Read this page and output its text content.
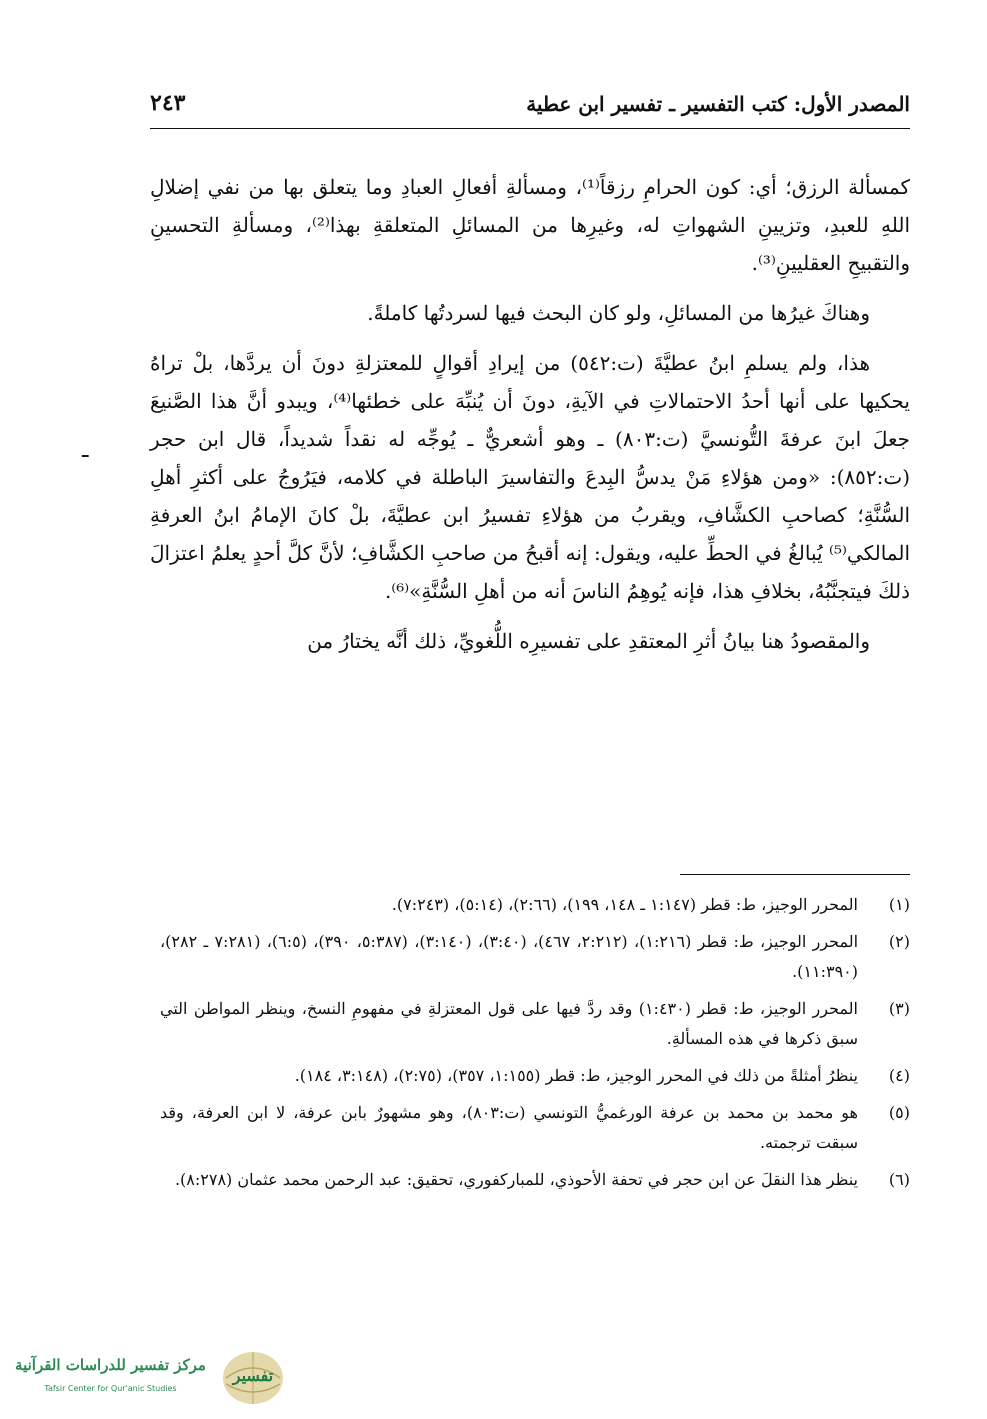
المصدر الأول: كتب التفسير ـ تفسير ابن عطية
٢٤٣

كمسألة الرزق؛ أي: كون الحرامِ رزقاً⁽¹⁾، ومسألةِ أفعالِ العبادِ وما يتعلق بها من نفي إضلالِ اللهِ للعبدِ، وتزيينِ الشهواتِ له، وغيرِها من المسائلِ المتعلقةِ بهذا⁽²⁾، ومسألةِ التحسينِ والتقبيحِ العقليينِ⁽³⁾.

وهناكَ غيرُها من المسائلِ، ولو كان البحث فيها لسردتُها كاملةً.

هذا، ولم يسلمِ ابنُ عطيَّةَ (ت:٥٤٢) من إيرادِ أقوالٍ للمعتزلةِ دونَ أن يردَّها، بلْ تراهُ يحكيها على أنها أحدُ الاحتمالاتِ في الآيةِ، دونَ أن يُنبِّهَ على خطئها⁽⁴⁾، ويبدو أنَّ هذا الصَّنيعَ جعلَ ابنَ عرفةَ التُّونسيَّ (ت:٨٠٣) ـ وهو أشعريٌّ ـ يُوجِّه له نقداً شديداً، قال ابن حجر (ت:٨٥٢): «ومن هؤلاءِ مَنْ يدسُّ البِدعَ والتفاسيرَ الباطلة في كلامه، فيَرُوجُ على أكثرِ أهلِ السُّنَّةِ؛ كصاحبِ الكشَّافِ، ويقربُ من هؤلاءِ تفسيرُ ابن عطيَّةَ، بلْ كانَ الإمامُ ابنُ العرفةِ المالكي⁽⁵⁾ يُبالغُ في الحطِّ عليه، ويقول: إنه أقبحُ من صاحبِ الكشَّافِ؛ لأنَّ كلَّ أحدٍ يعلمُ اعتزالَ ذلكَ فيتجنَّبُهُ، بخلافِ هذا، فإنه يُوهِمُ الناسَ أنه من أهلِ السُّنَّةِ»⁽⁶⁾.

والمقصودُ هنا بيانُ أثرِ المعتقدِ على تفسيرِه اللُّغويِّ، ذلك أنَّه يختارُ من

ـ
(١)
المحرر الوجيز، ط: قطر (١:١٤٧ ـ ١٤٨، ١٩٩)، (٢:٦٦)، (٥:١٤)، (٧:٢٤٣).
(٢)
المحرر الوجيز، ط: قطر (١:٢١٦)، (٢:٢١٢، ٤٦٧)، (٣:٤٠)، (٣:١٤٠)، (٥:٣٨٧، ٣٩٠)، (٦:٥)، (٧:٢٨١ ـ ٢٨٢)، (١١:٣٩٠).
(٣)
المحرر الوجيز، ط: قطر (١:٤٣٠) وقد ردَّ فيها على قول المعتزلةِ في مفهومِ النسخ، وينظر المواطن التي سبق ذكرها في هذه المسألةِ.
(٤)
ينظرُ أمثلةً من ذلك في المحرر الوجيز، ط: قطر (١:١٥٥، ٣٥٧)، (٢:٧٥)، (٣:١٤٨، ١٨٤).
(٥)
هو محمد بن محمد بن عرفة الورغميُّ التونسي (ت:٨٠٣)، وهو مشهورٌ بابن عرفة، لا ابن العرفة، وقد سبقت ترجمته.
(٦)
ينظر هذا النقلَ عن ابن حجر في تحفة الأحوذي، للمباركفوري، تحقيق: عبد الرحمن محمد عثمان (٨:٢٧٨).
مركز تفسير للدراسات القرآنية
Tafsir Center for Qur'anic Studies
تفسير
